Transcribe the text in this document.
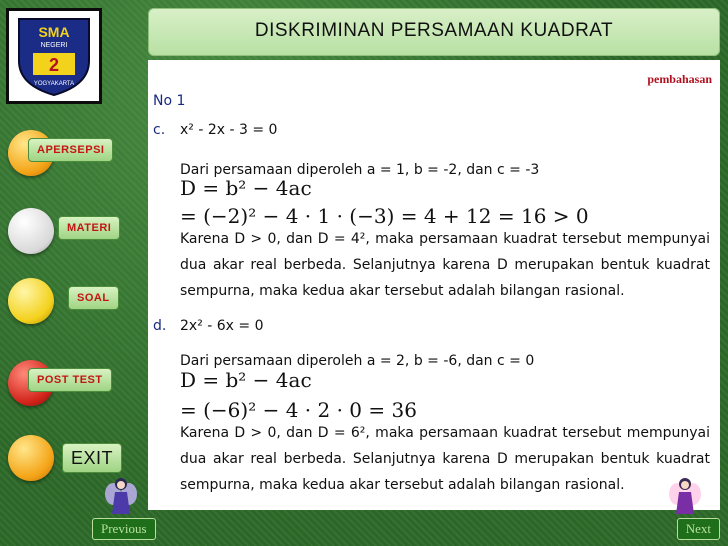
SMA
NEGERI
2
YOGYAKARTA
DISKRIMINAN PERSAMAAN KUADRAT
pembahasan
No 1
c. x² - 2x - 3 = 0
Dari persamaan diperoleh a = 1, b = -2, dan c = -3
D = b² − 4ac
= (−2)² − 4 · 1 · (−3) = 4 + 12 = 16 > 0
Karena D > 0, dan D = 4², maka persamaan kuadrat tersebut mempunyai dua akar real berbeda. Selanjutnya karena D merupakan bentuk kuadrat sempurna, maka kedua akar tersebut adalah bilangan rasional.
d. 2x² - 6x = 0
Dari persamaan diperoleh a = 2, b = -6, dan c = 0
D = b² − 4ac
= (−6)² − 4 · 2 · 0 = 36
Karena D > 0, dan D = 6², maka persamaan kuadrat tersebut mempunyai dua akar real berbeda. Selanjutnya karena D merupakan bentuk kuadrat sempurna, maka kedua akar tersebut adalah bilangan rasional.
APERSEPSI
MATERI
SOAL
POST TEST
EXIT
Previous	Next
